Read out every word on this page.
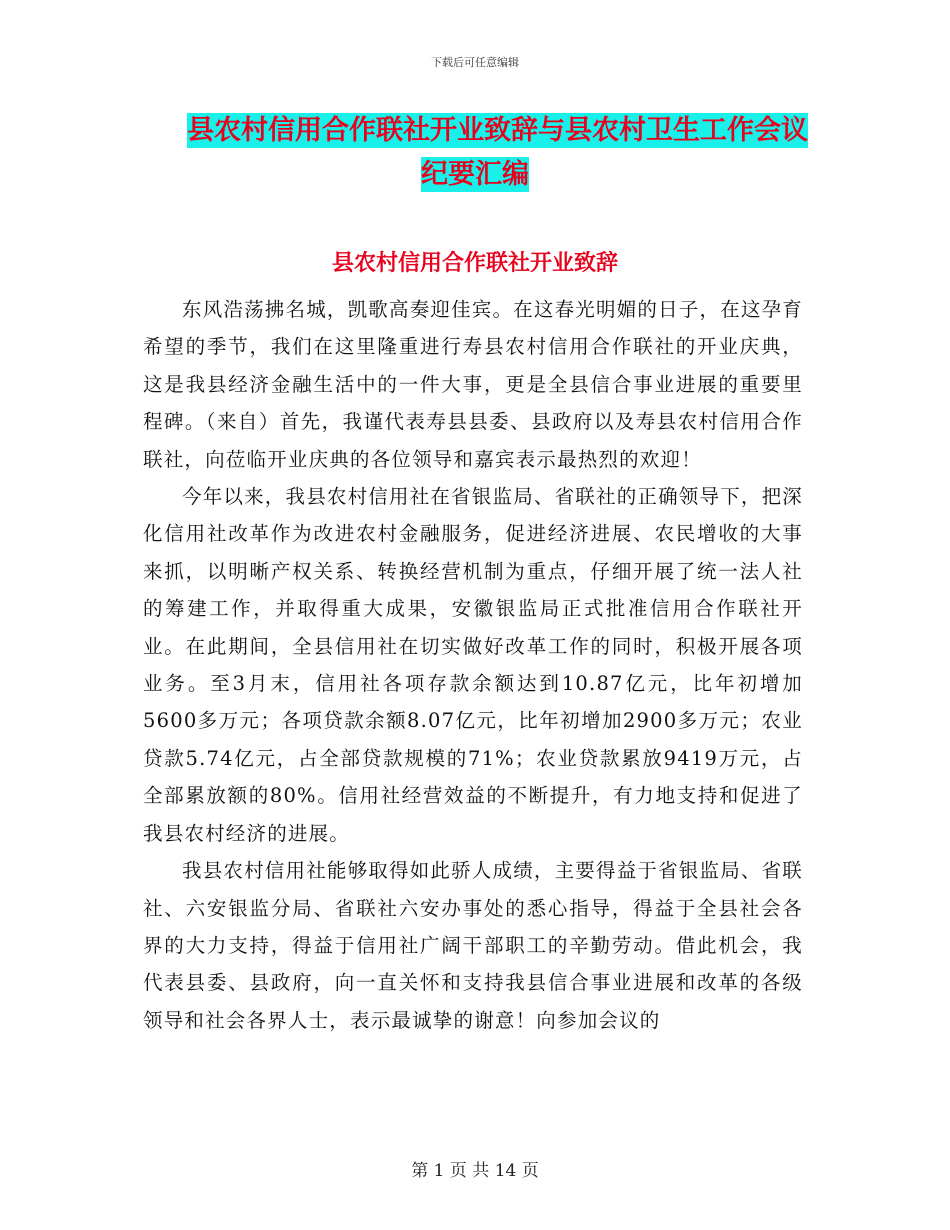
下载后可任意编辑
县农村信用合作联社开业致辞与县农村卫生工作会议
纪要汇编
县农村信用合作联社开业致辞

东风浩荡拂名城，凯歌高奏迎佳宾。在这春光明媚的日子，在这孕育希望的季节，我们在这里隆重进行寿县农村信用合作联社的开业庆典，这是我县经济金融生活中的一件大事，更是全县信合事业进展的重要里程碑。（来自）首先，我谨代表寿县县委、县政府以及寿县农村信用合作联社，向莅临开业庆典的各位领导和嘉宾表示最热烈的欢迎！

今年以来，我县农村信用社在省银监局、省联社的正确领导下，把深化信用社改革作为改进农村金融服务，促进经济进展、农民增收的大事来抓，以明晰产权关系、转换经营机制为重点，仔细开展了统一法人社的筹建工作，并取得重大成果，安徽银监局正式批准信用合作联社开业。在此期间，全县信用社在切实做好改革工作的同时，积极开展各项业务。至3月末，信用社各项存款余额达到10.87亿元，比年初增加5600多万元；各项贷款余额8.07亿元，比年初增加2900多万元；农业贷款5.74亿元，占全部贷款规模的71%；农业贷款累放9419万元，占全部累放额的80%。信用社经营效益的不断提升，有力地支持和促进了我县农村经济的进展。

我县农村信用社能够取得如此骄人成绩，主要得益于省银监局、省联社、六安银监分局、省联社六安办事处的悉心指导，得益于全县社会各界的大力支持，得益于信用社广阔干部职工的辛勤劳动。借此机会，我代表县委、县政府，向一直关怀和支持我县信合事业进展和改革的各级领导和社会各界人士，表示最诚挚的谢意！向参加会议的

第 1 页 共 14 页
